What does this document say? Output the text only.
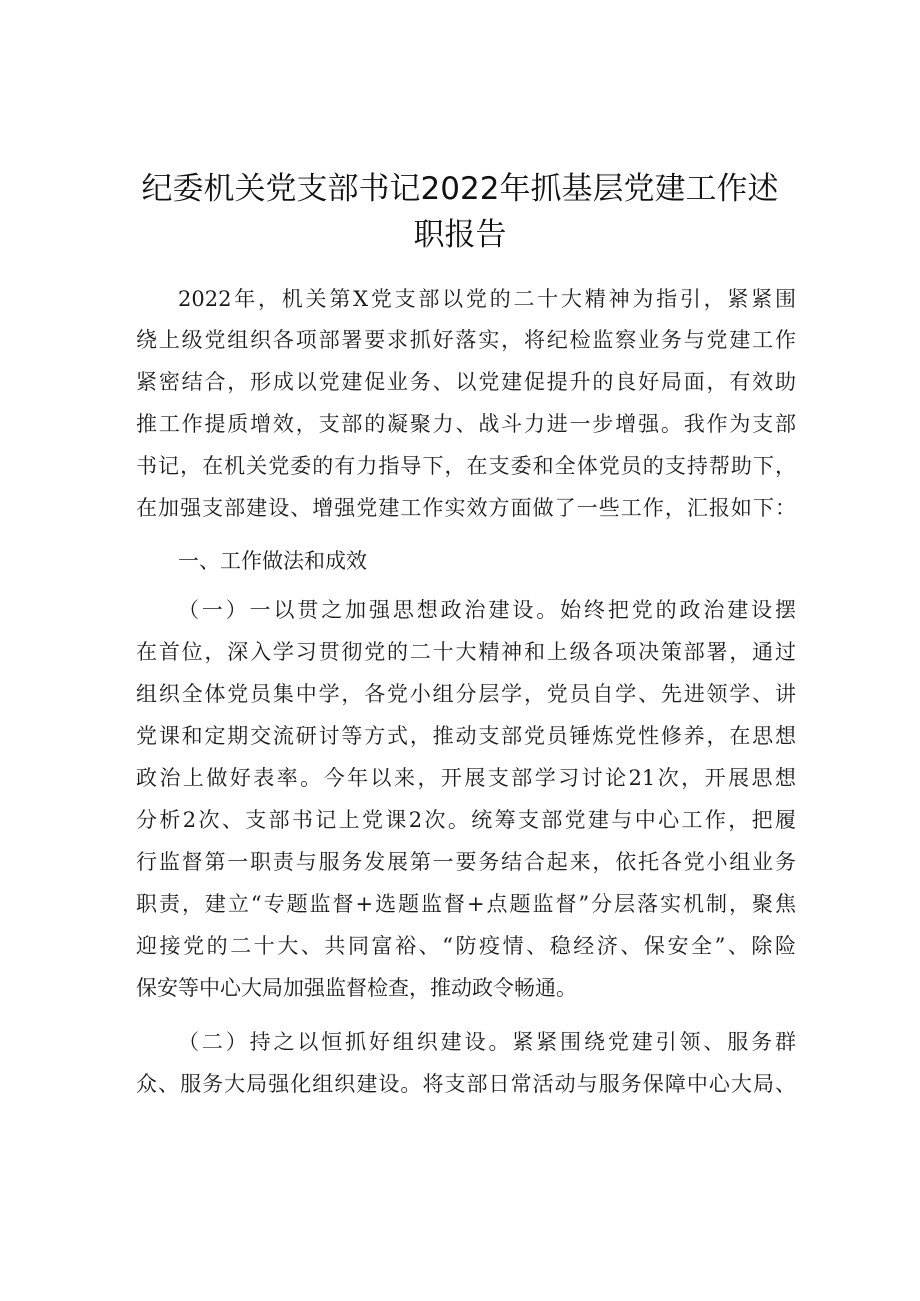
纪委机关党支部书记2022年抓基层党建工作述
职报告

2022年，机关第X党支部以党的二十大精神为指引，紧紧围

绕上级党组织各项部署要求抓好落实，将纪检监察业务与党建工作

紧密结合，形成以党建促业务、以党建促提升的良好局面，有效助

推工作提质增效，支部的凝聚力、战斗力进一步增强。我作为支部

书记，在机关党委的有力指导下，在支委和全体党员的支持帮助下，

在加强支部建设、增强党建工作实效方面做了一些工作，汇报如下：

一、工作做法和成效

（一）一以贯之加强思想政治建设。始终把党的政治建设摆

在首位，深入学习贯彻党的二十大精神和上级各项决策部署，通过

组织全体党员集中学，各党小组分层学，党员自学、先进领学、讲

党课和定期交流研讨等方式，推动支部党员锤炼党性修养，在思想

政治上做好表率。今年以来，开展支部学习讨论21次，开展思想

分析2次、支部书记上党课2次。统筹支部党建与中心工作，把履

行监督第一职责与服务发展第一要务结合起来，依托各党小组业务

职责，建立“专题监督+选题监督+点题监督”分层落实机制，聚焦

迎接党的二十大、共同富裕、“防疫情、稳经济、保安全”、除险

保安等中心大局加强监督检查，推动政令畅通。

（二）持之以恒抓好组织建设。紧紧围绕党建引领、服务群

众、服务大局强化组织建设。将支部日常活动与服务保障中心大局、
